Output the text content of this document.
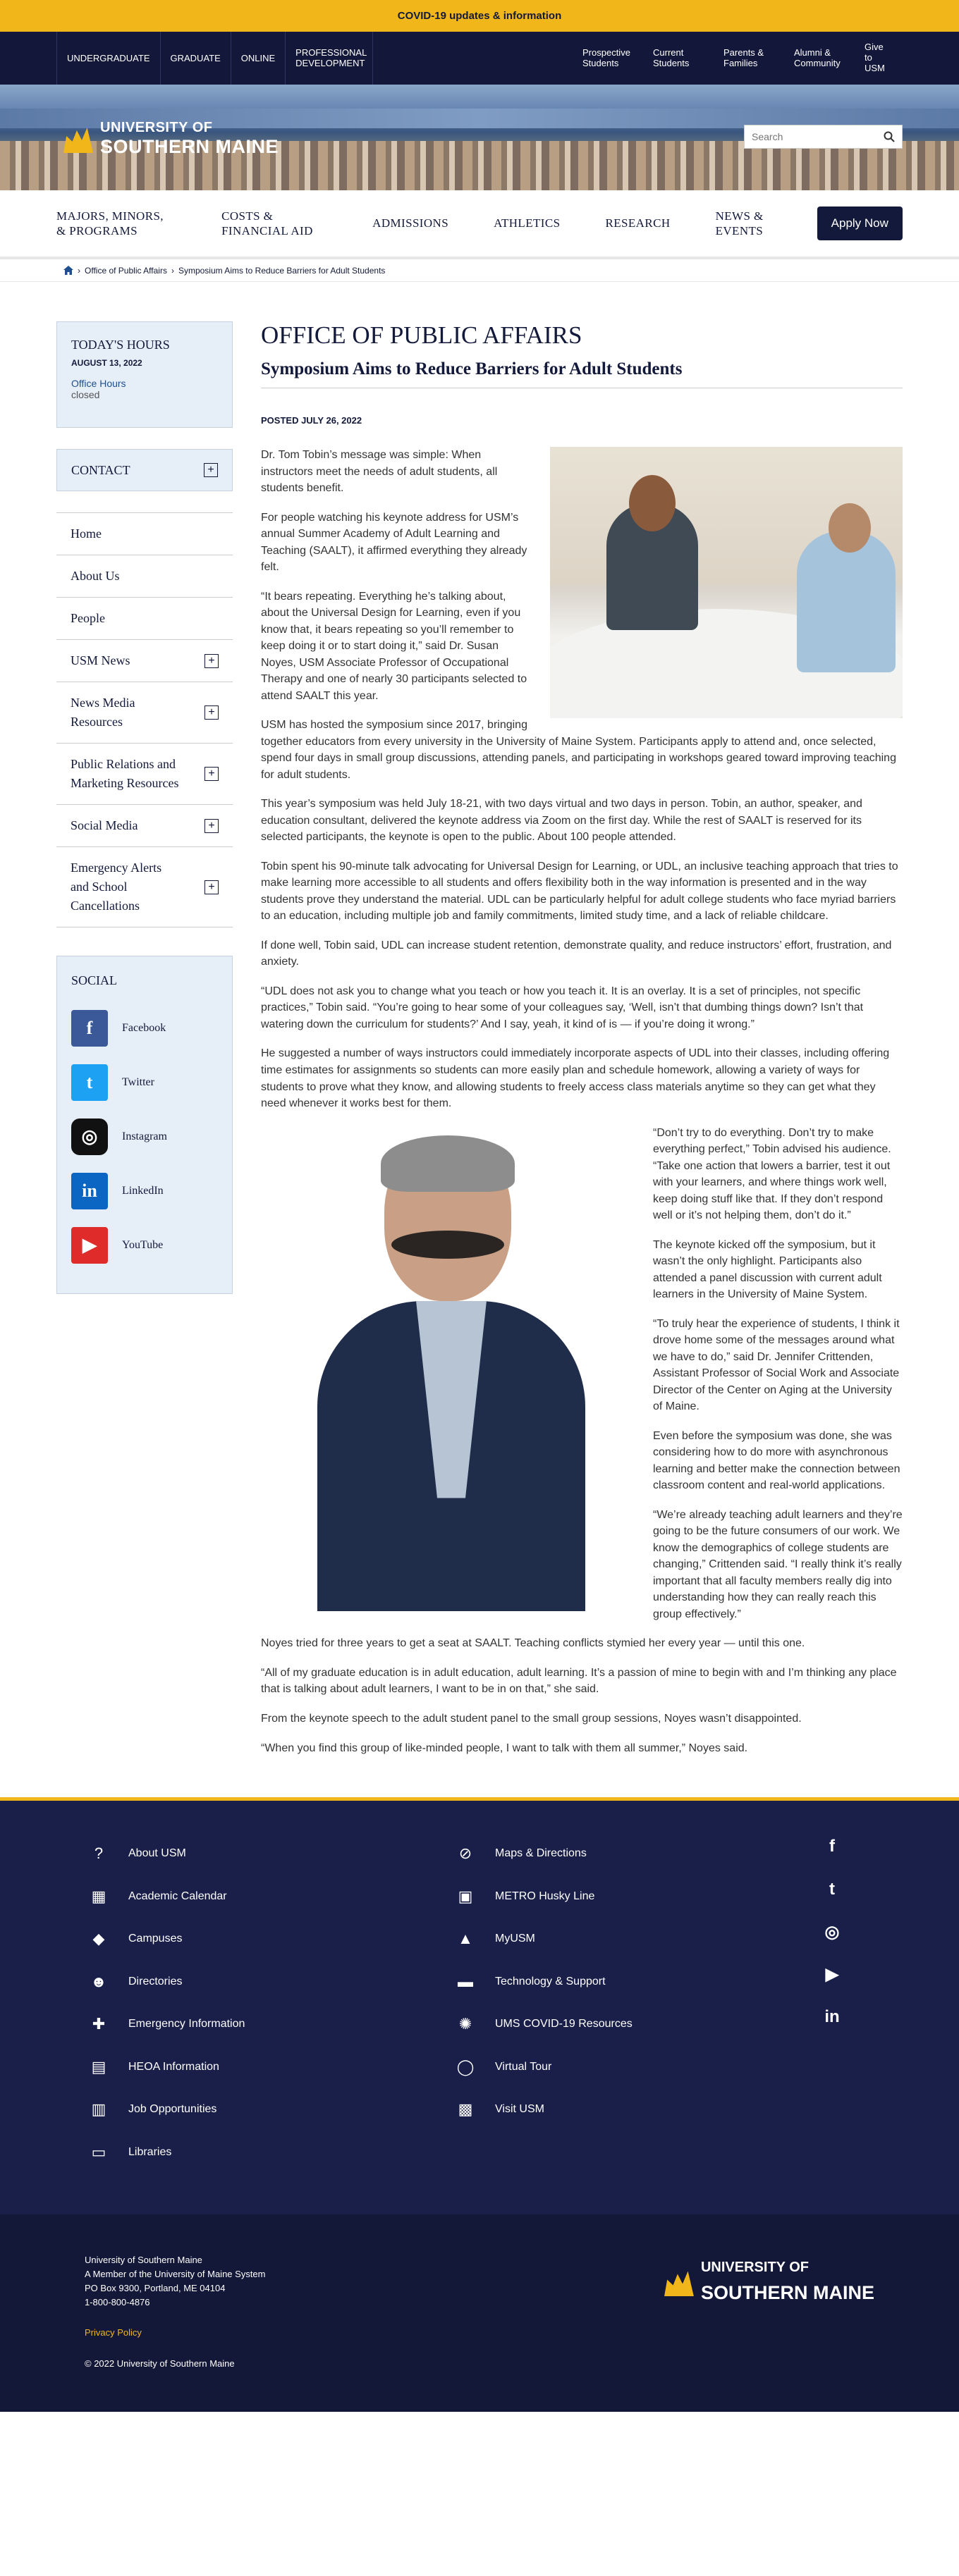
COVID-19 updates & information
UNDERGRADUATE	GRADUATE	ONLINE
PROFESSIONAL DEVELOPMENT
Prospective Students
Current Students
Parents & Families
Alumni & Community
Give to USM
UNIVERSITY OF
SOUTHERN MAINE
Search
MAJORS, MINORS, & PROGRAMS
COSTS & FINANCIAL AID
ADMISSIONS	ATHLETICS	RESEARCH
NEWS & EVENTS
Apply Now
› Office of Public Affairs › Symposium Aims to Reduce Barriers for Adult Students
TODAY'S HOURS
AUGUST 13, 2022
Office Hours
closed
CONTACT	+
Home
About Us
People
USM News	+
News Media Resources
+
Public Relations and Marketing Resources
+
Social Media	+
Emergency Alerts and School Cancellations
+
SOCIAL
f	Facebook
t	Twitter
◎	Instagram
in	LinkedIn
▶	YouTube
OFFICE OF PUBLIC AFFAIRS
Symposium Aims to Reduce Barriers for Adult Students
POSTED JULY 26, 2022

Dr. Tom Tobin’s message was simple: When instructors meet the needs of adult students, all students benefit.

For people watching his keynote address for USM’s annual Summer Academy of Adult Learning and Teaching (SAALT), it affirmed everything they already felt.

“It bears repeating. Everything he’s talking about, about the Universal Design for Learning, even if you know that, it bears repeating so you’ll remember to keep doing it or to start doing it,” said Dr. Susan Noyes, USM Associate Professor of Occupational Therapy and one of nearly 30 participants selected to attend SAALT this year.

USM has hosted the symposium since 2017, bringing together educators from every university in the University of Maine System. Participants apply to attend and, once selected, spend four days in small group discussions, attending panels, and participating in workshops geared toward improving teaching for adult students.

This year’s symposium was held July 18-21, with two days virtual and two days in person. Tobin, an author, speaker, and education consultant, delivered the keynote address via Zoom on the first day. While the rest of SAALT is reserved for its selected participants, the keynote is open to the public. About 100 people attended.

Tobin spent his 90-minute talk advocating for Universal Design for Learning, or UDL, an inclusive teaching approach that tries to make learning more accessible to all students and offers flexibility both in the way information is presented and in the way students prove they understand the material. UDL can be particularly helpful for adult college students who face myriad barriers to an education, including multiple job and family commitments, limited study time, and a lack of reliable childcare.

If done well, Tobin said, UDL can increase student retention, demonstrate quality, and reduce instructors’ effort, frustration, and anxiety.

“UDL does not ask you to change what you teach or how you teach it. It is an overlay. It is a set of principles, not specific practices,” Tobin said. “You’re going to hear some of your colleagues say, ‘Well, isn’t that dumbing things down? Isn’t that watering down the curriculum for students?’ And I say, yeah, it kind of is — if you’re doing it wrong.”

He suggested a number of ways instructors could immediately incorporate aspects of UDL into their classes, including offering time estimates for assignments so students can more easily plan and schedule homework, allowing a variety of ways for students to prove what they know, and allowing students to freely access class materials anytime so they can get what they need whenever it works best for them.

“Don’t try to do everything. Don’t try to make everything perfect,” Tobin advised his audience. “Take one action that lowers a barrier, test it out with your learners, and where things work well, keep doing stuff like that. If they don’t respond well or it’s not helping them, don’t do it.”

The keynote kicked off the symposium, but it wasn’t the only highlight. Participants also attended a panel discussion with current adult learners in the University of Maine System.

“To truly hear the experience of students, I think it drove home some of the messages around what we have to do,” said Dr. Jennifer Crittenden, Assistant Professor of Social Work and Associate Director of the Center on Aging at the University of Maine.

Even before the symposium was done, she was considering how to do more with asynchronous learning and better make the connection between classroom content and real-world applications.

“We’re already teaching adult learners and they’re going to be the future consumers of our work. We know the demographics of college students are changing,” Crittenden said. “I really think it’s really important that all faculty members really dig into understanding how they can really reach this group effectively.”

Noyes tried for three years to get a seat at SAALT. Teaching conflicts stymied her every year — until this one.

“All of my graduate education is in adult education, adult learning. It’s a passion of mine to begin with and I’m thinking any place that is talking about adult learners, I want to be in on that,” she said.

From the keynote speech to the adult student panel to the small group sessions, Noyes wasn’t disappointed.

“When you find this group of like-minded people, I want to talk with them all summer,” Noyes said.

?	About USM
▦	Academic Calendar
◆	Campuses
☻	Directories
✚	Emergency Information
▤	HEOA Information
▥	Job Opportunities
▭	Libraries
⊘	Maps & Directions
▣	METRO Husky Line
▲	MyUSM
▬	Technology & Support
✺	UMS COVID-19 Resources
◯	Virtual Tour
▩	Visit USM
f
t
◎
▶
in
University of Southern Maine
A Member of the University of Maine System
PO Box 9300, Portland, ME 04104
1-800-800-4876
Privacy Policy
© 2022 University of Southern Maine
UNIVERSITY OF
SOUTHERN MAINE
